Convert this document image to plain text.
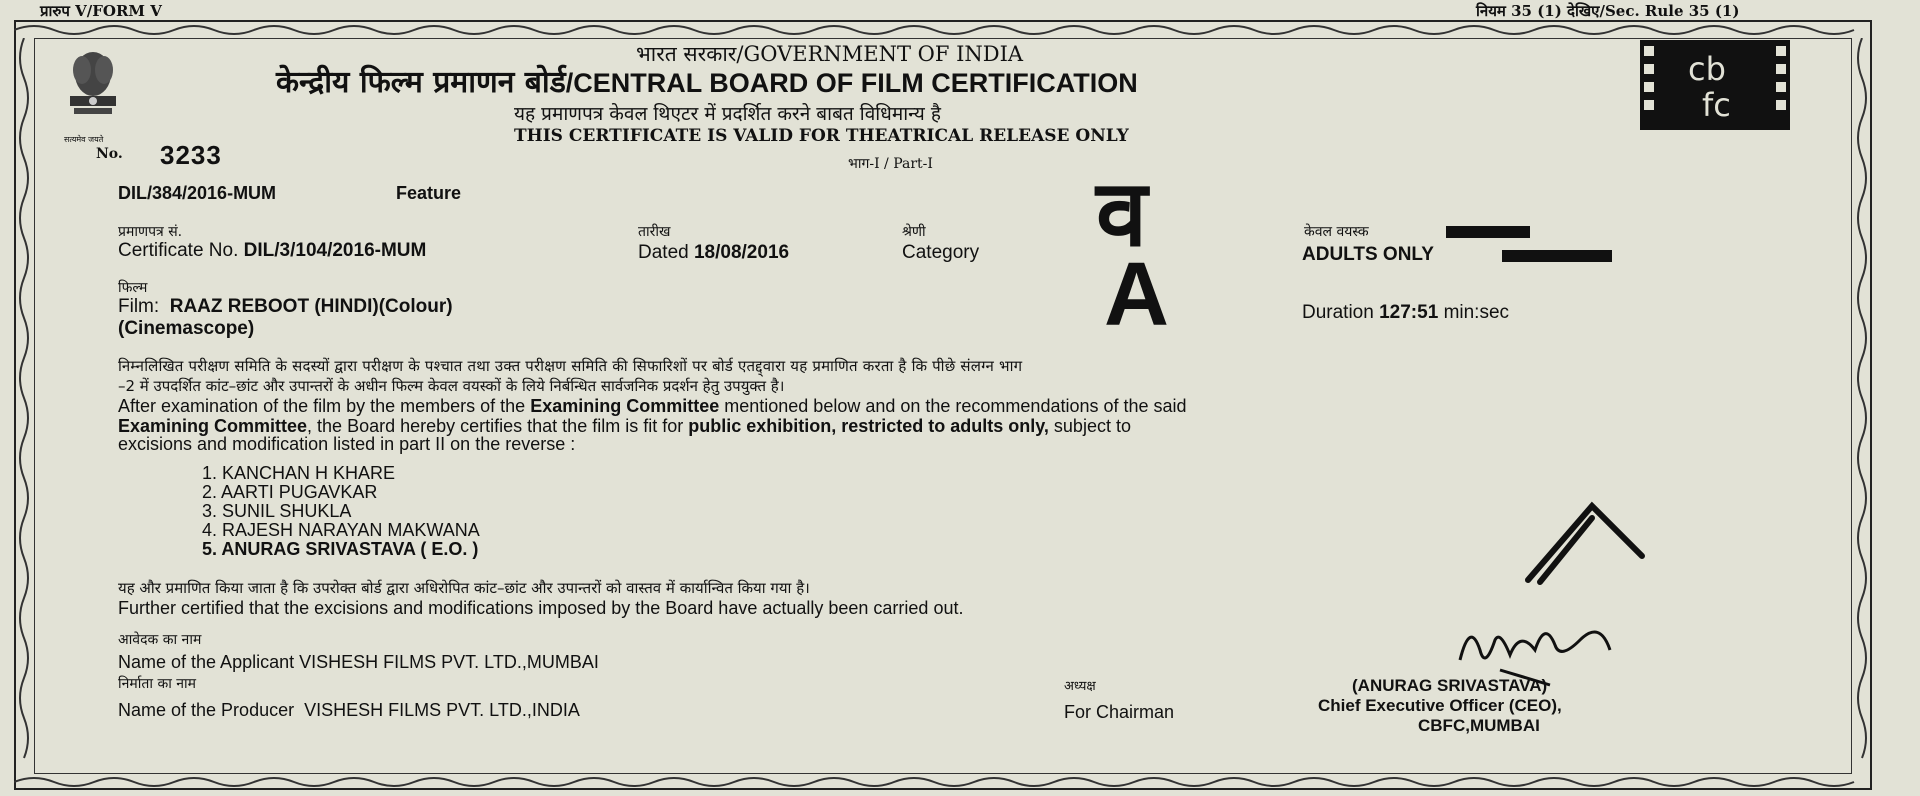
प्रारुप V/FORM V	नियम 35 (1) देखिए/Sec. Rule 35 (1)
सत्यमेव जयते
No. 3233
भारत सरकार/GOVERNMENT OF INDIA
केन्द्रीय फिल्म प्रमाणन बोर्ड/CENTRAL BOARD OF FILM CERTIFICATION
यह प्रमाणपत्र केवल थिएटर में प्रदर्शित करने बाबत विधिमान्य है
THIS CERTIFICATE IS VALID FOR THEATRICAL RELEASE ONLY
भाग-I / Part-I
cb
fc
DIL/384/2016-MUM	Feature
प्रमाणपत्र सं.
Certificate No. DIL/3/104/2016-MUM
तारीख
Dated 18/08/2016
श्रेणी
Category व
A
केवल वयस्क
ADULTS ONLY
फिल्म
Film: RAAZ REBOOT (HINDI)(Colour)
(Cinemascope)
Duration 127:51 min:sec
निम्नलिखित परीक्षण समिति के सदस्यों द्वारा परीक्षण के पश्चात तथा उक्त परीक्षण समिति की सिफारिशों पर बोर्ड एतद्द्वारा यह प्रमाणित करता है कि पीछे संलग्न भाग
–2 में उपदर्शित कांट–छांट और उपान्तरों के अधीन फिल्म केवल वयस्कों के लिये निर्बन्धित सार्वजनिक प्रदर्शन हेतु उपयुक्त है।
After examination of the film by the members of the Examining Committee mentioned below and on the recommendations of the said
Examining Committee, the Board hereby certifies that the film is fit for public exhibition, restricted to adults only, subject to
excisions and modification listed in part II on the reverse :
1. KANCHAN H KHARE
2. AARTI PUGAVKAR
3. SUNIL SHUKLA
4. RAJESH NARAYAN MAKWANA
5. ANURAG SRIVASTAVA ( E.O. )
यह और प्रमाणित किया जाता है कि उपरोक्त बोर्ड द्वारा अधिरोपित कांट–छांट और उपान्तरों को वास्तव में कार्यान्वित किया गया है।
Further certified that the excisions and modifications imposed by the Board have actually been carried out.
आवेदक का नाम
Name of the Applicant VISHESH FILMS PVT. LTD.,MUMBAI
निर्माता का नाम
Name of the Producer VISHESH FILMS PVT. LTD.,INDIA
अध्यक्ष
For Chairman
(ANURAG SRIVASTAVA)
Chief Executive Officer (CEO),
CBFC,MUMBAI
